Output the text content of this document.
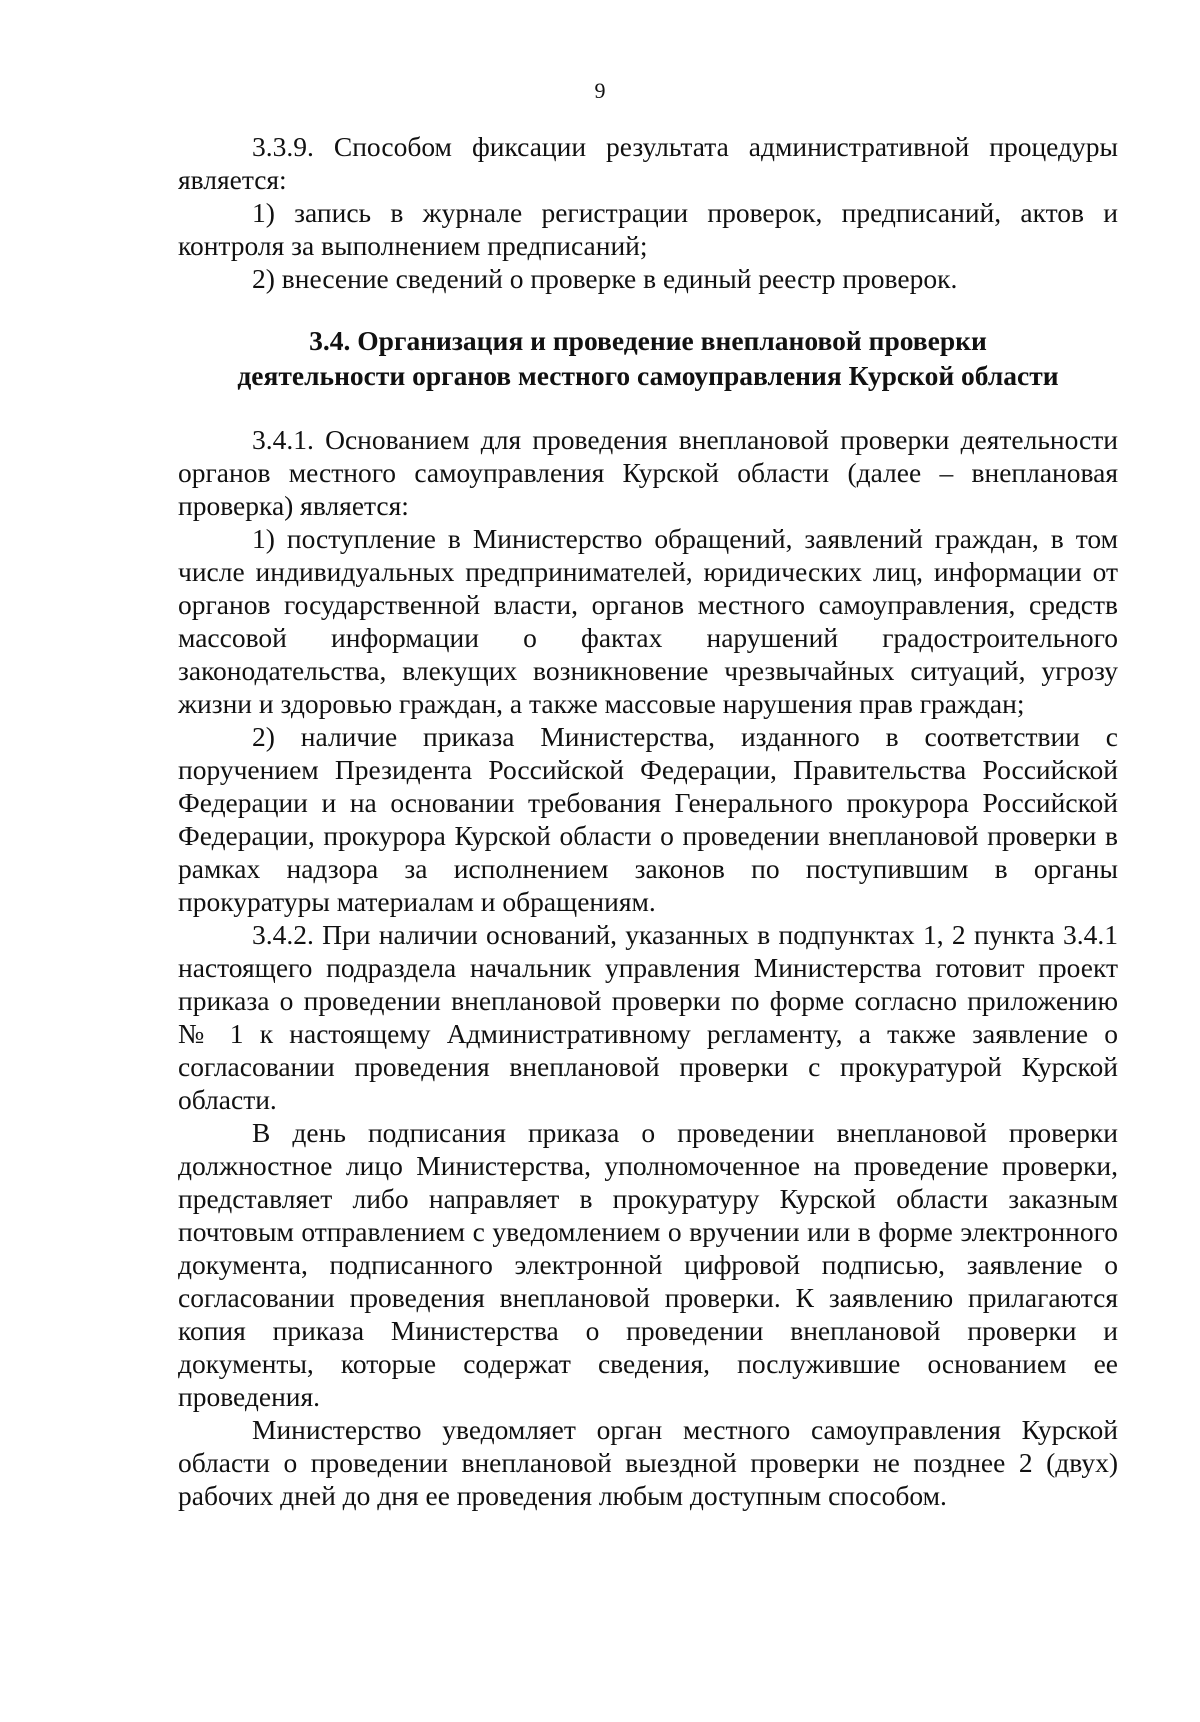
9

3.3.9. Способом фиксации результата административной процедуры является:

1) запись в журнале регистрации проверок, предписаний, актов и контроля за выполнением предписаний;

2) внесение сведений о проверке в единый реестр проверок.

3.4. Организация и проведение внеплановой проверки
деятельности органов местного самоуправления Курской области

3.4.1. Основанием для проведения внеплановой проверки деятельности органов местного самоуправления Курской области (далее – внеплановая проверка) является:

1) поступление в Министерство обращений, заявлений граждан, в том числе индивидуальных предпринимателей, юридических лиц, информации от органов государственной власти, органов местного самоуправления, средств массовой информации о фактах нарушений градостроительного законодательства, влекущих возникновение чрезвычайных ситуаций, угрозу жизни и здоровью граждан, а также массовые нарушения прав граждан;

2) наличие приказа Министерства, изданного в соответствии с поручением Президента Российской Федерации, Правительства Российской Федерации и на основании требования Генерального прокурора Российской Федерации, прокурора Курской области о проведении внеплановой проверки в рамках надзора за исполнением законов по поступившим в органы прокуратуры материалам и обращениям.

3.4.2. При наличии оснований, указанных в подпунктах 1, 2 пункта 3.4.1 настоящего подраздела начальник управления Министерства готовит проект приказа о проведении внеплановой проверки по форме согласно приложению № 1 к настоящему Административному регламенту, а также заявление о согласовании проведения внеплановой проверки с прокуратурой Курской области.

В день подписания приказа о проведении внеплановой проверки должностное лицо Министерства, уполномоченное на проведение проверки, представляет либо направляет в прокуратуру Курской области заказным почтовым отправлением с уведомлением о вручении или в форме электронного документа, подписанного электронной цифровой подписью, заявление о согласовании проведения внеплановой проверки. К заявлению прилагаются копия приказа Министерства о проведении внеплановой проверки и документы, которые содержат сведения, послужившие основанием ее проведения.

Министерство уведомляет орган местного самоуправления Курской области о проведении внеплановой выездной проверки не позднее 2 (двух) рабочих дней до дня ее проведения любым доступным способом.
